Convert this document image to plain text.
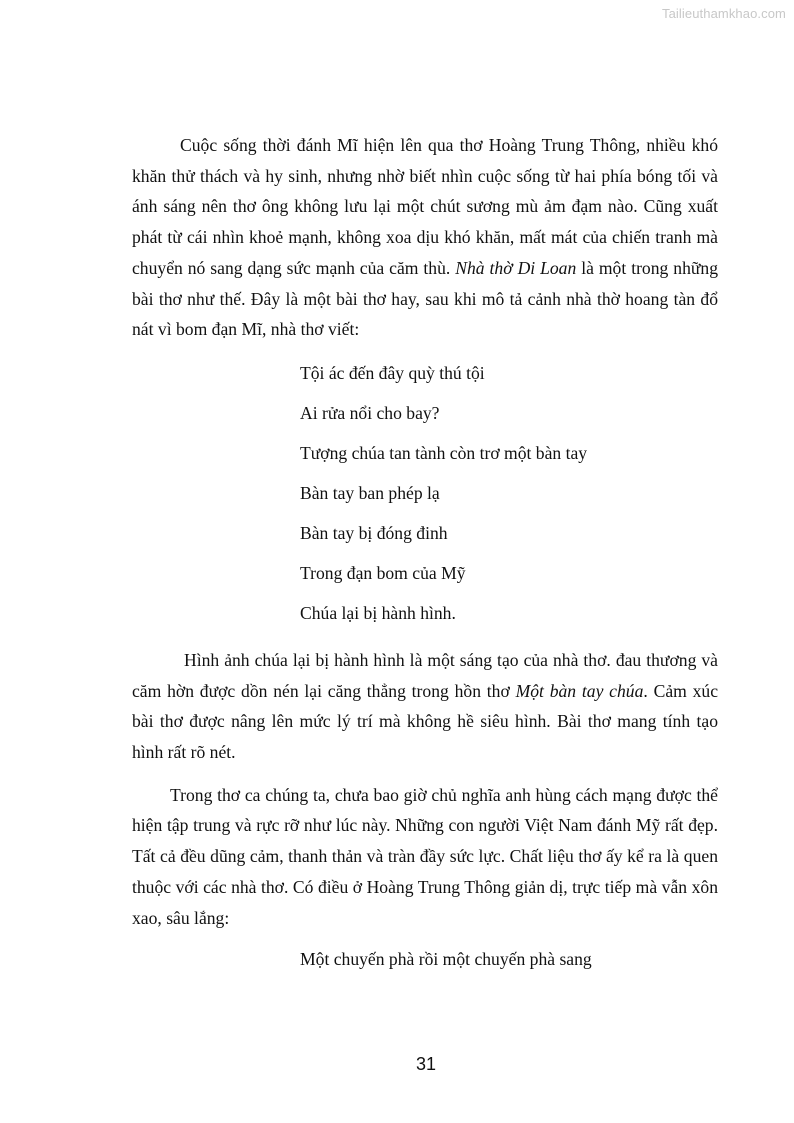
Tailieuthamkhao.com

Cuộc sống thời đánh Mĩ hiện lên qua thơ Hoàng Trung Thông, nhiều khó khăn thử thách và hy sinh, nhưng nhờ biết nhìn cuộc sống từ hai phía bóng tối và ánh sáng nên thơ ông không lưu lại một chút sương mù ảm đạm nào. Cũng xuất phát từ cái nhìn khoẻ mạnh, không xoa dịu khó khăn, mất mát của chiến tranh mà chuyển nó sang dạng sức mạnh của căm thù. Nhà thờ Di Loan là một trong những bài thơ như thế. Đây là một bài thơ hay, sau khi mô tả cảnh nhà thờ hoang tàn đổ nát vì bom đạn Mĩ, nhà thơ viết:

Tội ác đến đây quỳ thú tội
Ai rửa nổi cho bay?
Tượng chúa tan tành còn trơ một bàn tay
Bàn tay ban phép lạ
Bàn tay bị đóng đinh
Trong đạn bom của Mỹ
Chúa lại bị hành hình.

Hình ảnh chúa lại bị hành hình là một sáng tạo của nhà thơ. đau thương và căm hờn được dồn nén lại căng thẳng trong hồn thơ Một bàn tay chúa. Cảm xúc bài thơ được nâng lên mức lý trí mà không hề siêu hình. Bài thơ mang tính tạo hình rất rõ nét.

Trong thơ ca chúng ta, chưa bao giờ chủ nghĩa anh hùng cách mạng được thể hiện tập trung và rực rỡ như lúc này. Những con người Việt Nam đánh Mỹ rất đẹp. Tất cả đều dũng cảm, thanh thản và tràn đầy sức lực. Chất liệu thơ ấy kể ra là quen thuộc với các nhà thơ. Có điều ở Hoàng Trung Thông giản dị, trực tiếp mà vẫn xôn xao, sâu lắng:

Một chuyến phà rồi một chuyến phà sang
31
